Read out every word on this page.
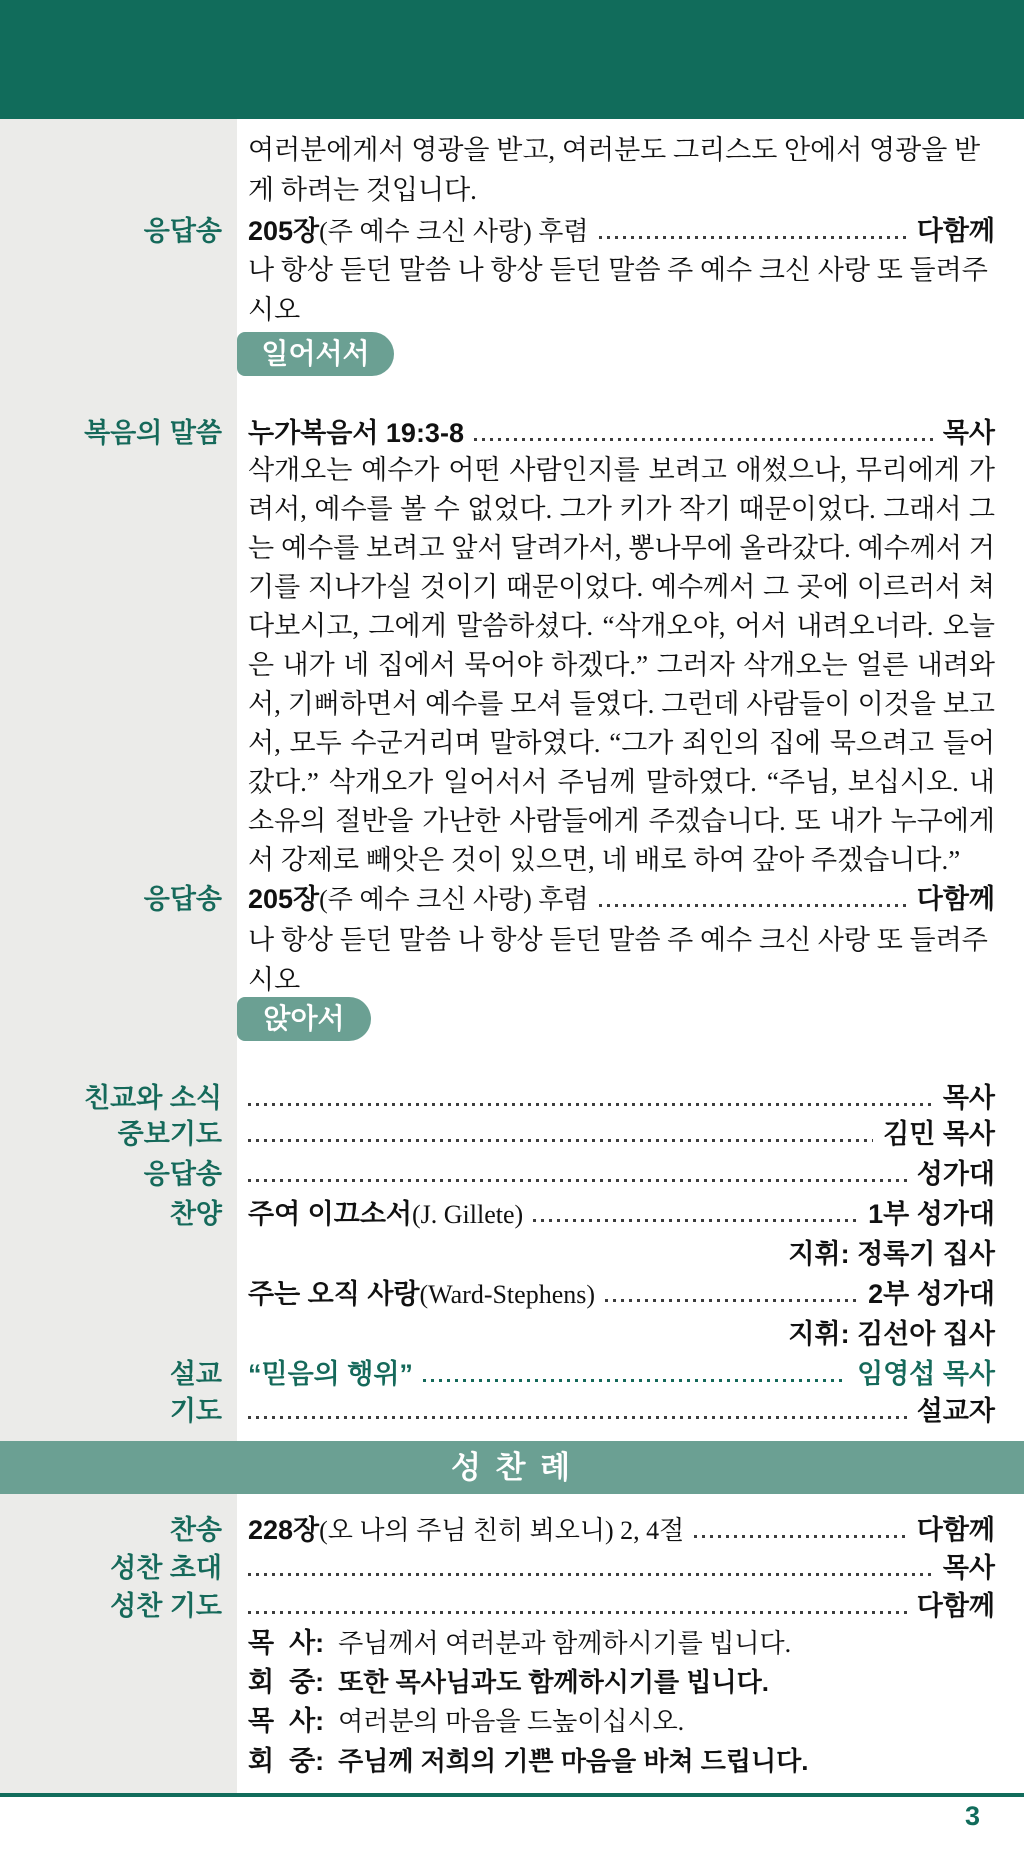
여러분에게서 영광을 받고, 여러분도 그리스도 안에서 영광을 받게 하려는 것입니다.
응답송 205장 (주 예수 크신 사랑) 후렴	다함께
나 항상 듣던 말씀 나 항상 듣던 말씀 주 예수 크신 사랑 또 들려주시오
일어서서
복음의 말씀 누가복음서 19:3-8	목사
삭개오는 예수가 어떤 사람인지를 보려고 애썼으나, 무리에게 가려서, 예수를 볼 수 없었다. 그가 키가 작기 때문이었다. 그래서 그는 예수를 보려고 앞서 달려가서, 뽕나무에 올라갔다. 예수께서 거기를 지나가실 것이기 때문이었다. 예수께서 그 곳에 이르러서 쳐다보시고, 그에게 말씀하셨다. “삭개오야, 어서 내려오너라. 오늘은 내가 네 집에서 묵어야 하겠다.” 그러자 삭개오는 얼른 내려와서, 기뻐하면서 예수를 모셔 들였다. 그런데 사람들이 이것을 보고서, 모두 수군거리며 말하였다. “그가 죄인의 집에 묵으려고 들어갔다.” 삭개오가 일어서서 주님께 말하였다. “주님, 보십시오. 내 소유의 절반을 가난한 사람들에게 주겠습니다. 또 내가 누구에게서 강제로 빼앗은 것이 있으면, 네 배로 하여 갚아 주겠습니다.”
응답송 205장 (주 예수 크신 사랑) 후렴	다함께
나 항상 듣던 말씀 나 항상 듣던 말씀 주 예수 크신 사랑 또 들려주시오
앉아서
친교와 소식	목사
중보기도	김민 목사
응답송	성가대
찬양 주여 이끄소서 (J. Gillete)	1부 성가대
지휘: 정록기 집사
주는 오직 사랑 (Ward-Stephens)	2부 성가대
지휘: 김선아 집사
설교 “믿음의 행위”	임영섭 목사
기도	설교자
성 찬 례
찬송 228장 (오 나의 주님 친히 뵈오니) 2, 4절	다함께
성찬 초대	목사
성찬 기도	다함께
목  사: 주님께서 여러분과 함께하시기를 빕니다.
회  중: 또한 목사님과도 함께하시기를 빕니다.
목  사: 여러분의 마음을 드높이십시오.
회  중: 주님께 저희의 기쁜 마음을 바쳐 드립니다.
3
